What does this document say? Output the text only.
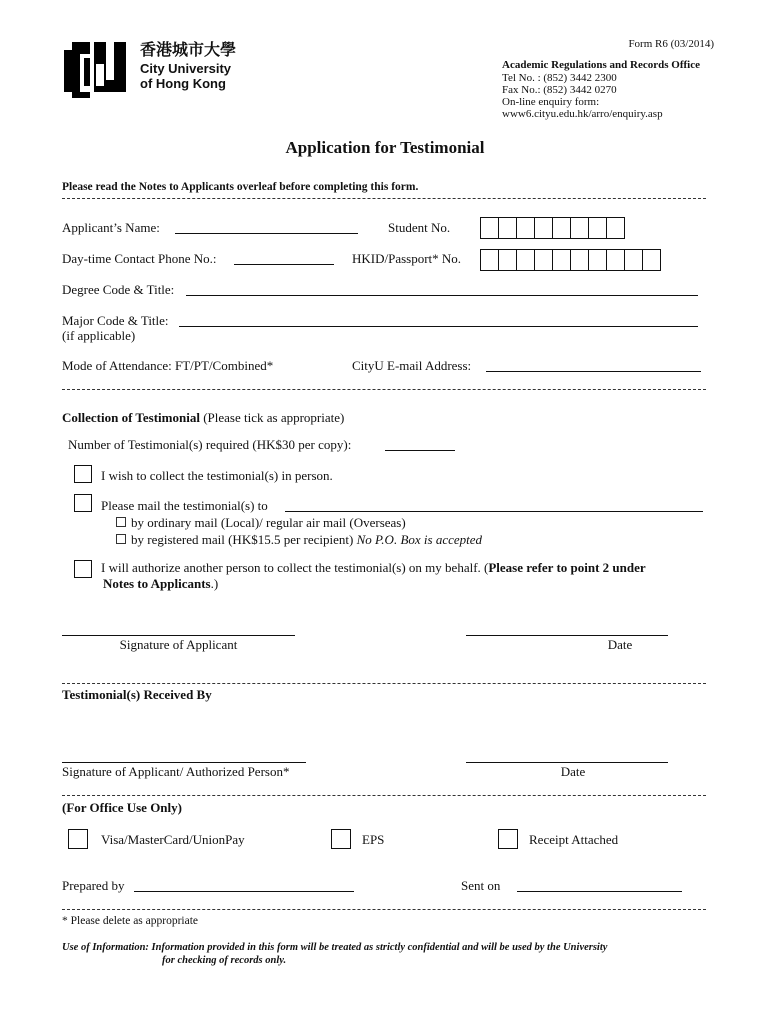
Form R6 (03/2014)
香港城市大學
City University
of Hong Kong
Academic Regulations and Records Office
Tel No. : (852) 3442 2300
Fax No.: (852) 3442 0270
On-line enquiry form:
www6.cityu.edu.hk/arro/enquiry.asp
Application for Testimonial
Please read the Notes to Applicants overleaf before completing this form.
Applicant’s Name:	Student No.
Day-time Contact Phone No.:	HKID/Passport* No.
Degree Code & Title:
Major Code & Title:
(if applicable)
Mode of Attendance: FT/PT/Combined*	CityU E-mail Address:
Collection of Testimonial (Please tick as appropriate)
Number of Testimonial(s) required (HK$30 per copy):
I wish to collect the testimonial(s) in person.
Please mail the testimonial(s) to
by ordinary mail (Local)/ regular air mail (Overseas)
by registered mail (HK$15.5 per recipient) No P.O. Box is accepted
I will authorize another person to collect the testimonial(s) on my behalf. (Please refer to point 2 under
Notes to Applicants.)
Signature of Applicant	Date
Testimonial(s) Received By
Signature of Applicant/ Authorized Person*	Date
(For Office Use Only)
Visa/MasterCard/UnionPay	EPS	Receipt Attached
Prepared by	Sent on
* Please delete as appropriate
Use of Information: Information provided in this form will be treated as strictly confidential and will be used by the University
for checking of records only.
